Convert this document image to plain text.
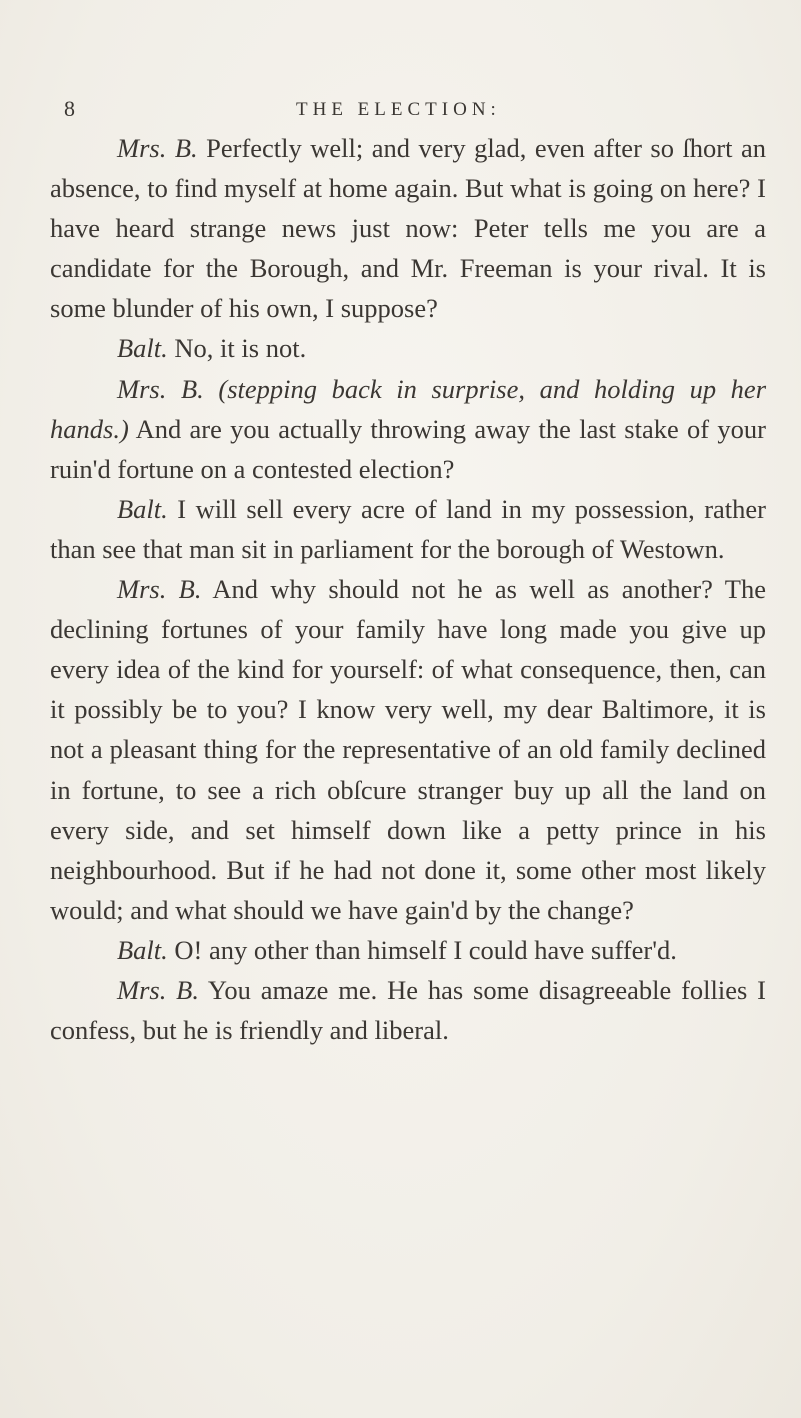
8	THE ELECTION:

Mrs. B. Perfectly well; and very glad, even after so ſhort an absence, to find myself at home again. But what is going on here? I have heard strange news just now: Peter tells me you are a candidate for the Borough, and Mr. Freeman is your rival. It is some blunder of his own, I suppose?

Balt. No, it is not.

Mrs. B. (stepping back in surprise, and holding up her hands.) And are you actually throwing away the last stake of your ruin'd fortune on a contested election?

Balt. I will sell every acre of land in my possession, rather than see that man sit in parliament for the borough of Westown.

Mrs. B. And why should not he as well as another? The declining fortunes of your family have long made you give up every idea of the kind for yourself: of what consequence, then, can it possibly be to you? I know very well, my dear Baltimore, it is not a pleasant thing for the representative of an old family declined in fortune, to see a rich obſcure stranger buy up all the land on every side, and set himself down like a petty prince in his neighbourhood. But if he had not done it, some other most likely would; and what should we have gain'd by the change?

Balt. O! any other than himself I could have suffer'd.

Mrs. B. You amaze me. He has some disagreeable follies I confess, but he is friendly and liberal.
